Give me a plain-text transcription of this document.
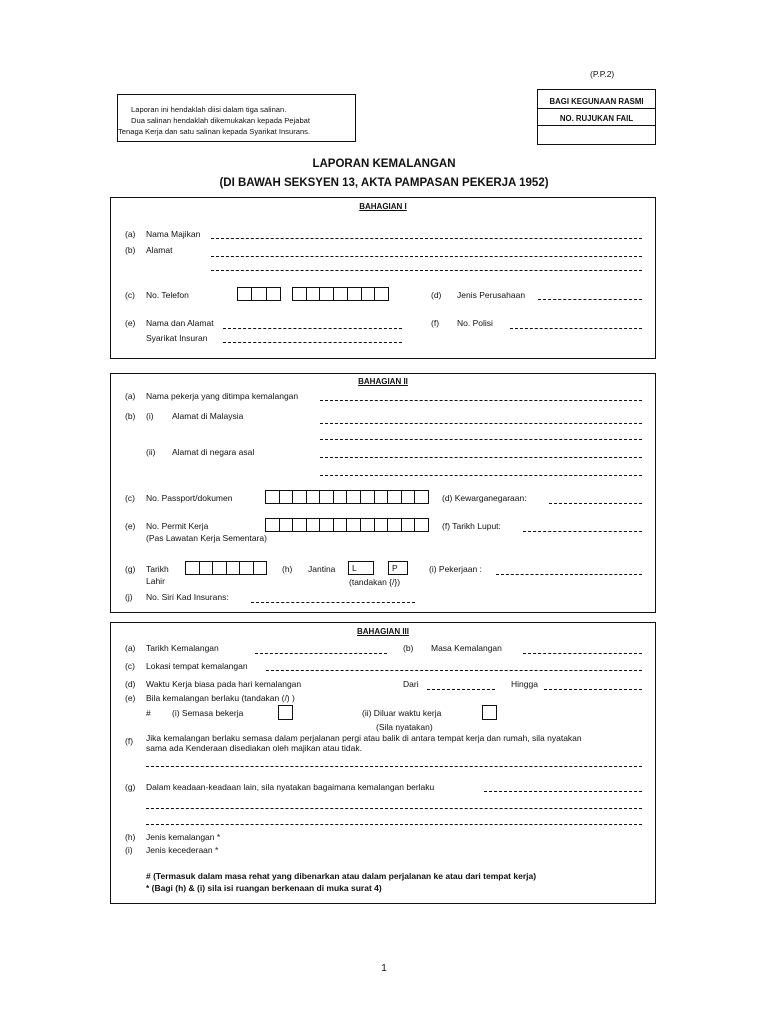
(P.P.2)
Laporan ini hendaklah diisi dalam tiga salinan.
Dua salinan hendaklah dikemukakan kepada Pejabat
Tenaga Kerja dan satu salinan kepada Syarikat Insurans.
BAGI KEGUNAAN RASMI
NO. RUJUKAN FAIL
LAPORAN KEMALANGAN
(DI BAWAH SEKSYEN 13, AKTA PAMPASAN PEKERJA 1952)
BAHAGIAN I
(a) Nama Majikan
(b) Alamat
(c) No. Telefon	(d) Jenis Perusahaan
(e) Nama dan Alamat
Syarikat Insuran
(f) No. Polisi
BAHAGIAN II
(a) Nama pekerja yang ditimpa kemalangan
(b) (i) Alamat di Malaysia
(ii) Alamat di negara asal
(c) No. Passport/dokumen	(d) Kewarganegaraan:
(e) No. Permit Kerja
(Pas Lawatan Kerja Sementara)
(f) Tarikh Luput:
(g) Tarikh
Lahir
(h) Jantina	L	P
(tandakan {/})
(i) Pekerjaan :
(j) No. Siri Kad Insurans:
BAHAGIAN III
(a) Tarikh Kemalangan	(b) Masa Kemalangan
(c) Lokasi tempat kemalangan
(d) Waktu Kerja biasa pada hari kemalangan	Dari	Hingga
(e) Bila kemalangan berlaku (tandakan (/) )
#	(i) Semasa bekerja	(ii) Diluar waktu kerja
(Sila nyatakan)
(f) Jika kemalangan berlaku semasa dalam perjalanan pergi atau balik di antara tempat kerja dan rumah, sila nyatakan
sama ada Kenderaan disediakan oleh majikan atau tidak.
(g) Dalam keadaan-keadaan lain, sila nyatakan bagaimana kemalangan berlaku
(h) Jenis kemalangan *
(i) Jenis kecederaan *
# (Termasuk dalam masa rehat yang dibenarkan atau dalam perjalanan ke atau dari tempat kerja)
* (Bagi (h) & (i) sila isi ruangan berkenaan di muka surat 4)
1
